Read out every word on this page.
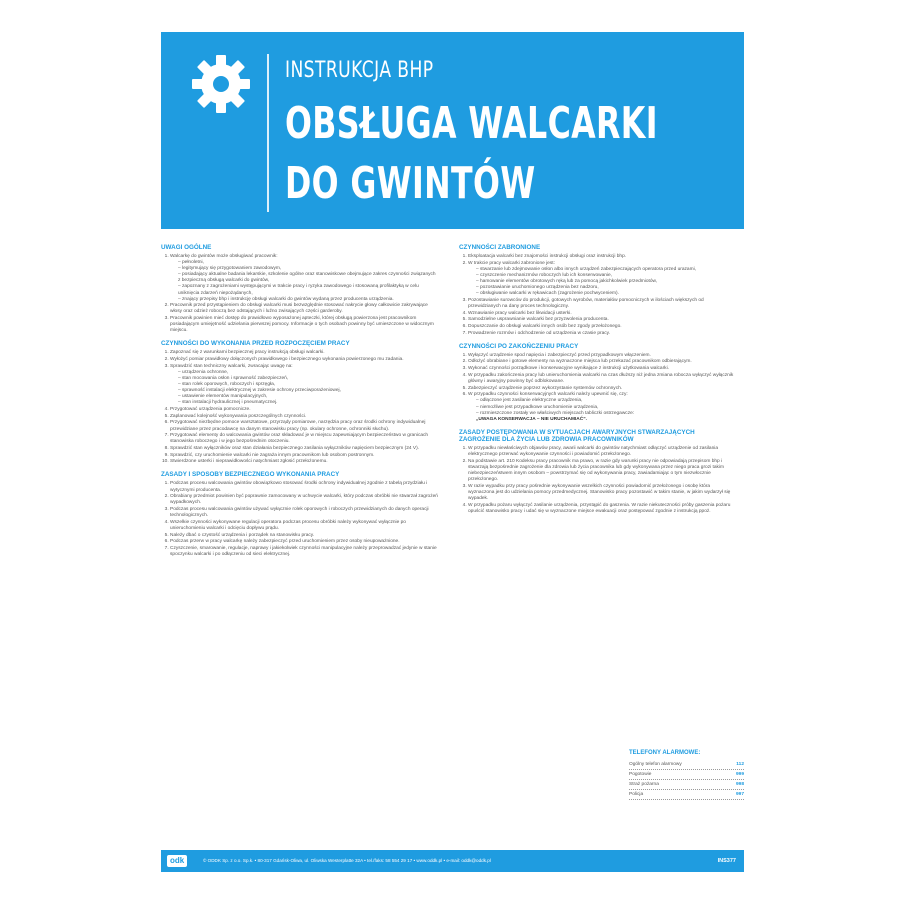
INSTRUKCJA BHP
OBSŁUGA WALCARKI
DO GWINTÓW
UWAGI OGÓLNE
1. Walcarkę do gwintów może obsługiwać pracownik:
– pełnoletni,
– legitymujący się przygotowaniem zawodowym,
– posiadający aktualne badania lekarskie, szkolenie ogólne oraz stanowiskowe obejmujące zakres czynności związanych z bezpieczną obsługą walcarki do gwintów,
– zapoznany z zagrożeniami występującymi w trakcie pracy i ryzyka zawodowego i stosowaną profilaktyką w celu uniknięcia zdarzeń niepożądanych,
– znający przepisy bhp i instrukcję obsługi walcarki do gwintów wydaną przez producenta urządzenia.
2. Pracownik przed przystąpieniem do obsługi walcarki musi bezwzględnie stosować nakrycie głowy całkowicie zakrywające włosy oraz odzież roboczą bez odstających i luźno zwisających części garderoby.
3. Pracownik powinien mieć dostęp do prawidłowo wyposażonej apteczki, której obsługą powierzona jest pracownikom posiadającym umiejętność udzielania pierwszej pomocy. Informacje o tych osobach powinny być umieszczone w widocznym miejscu.
CZYNNOŚCI DO WYKONANIA PRZED ROZPOCZĘCIEM PRACY
1. Zapoznać się z warunkami bezpiecznej pracy instrukcją obsługi walcarki.
2. Wyłożyć pomiar prawidłowy dołączonych prawidłowego i bezpiecznego wykonania powierzonego mu zadania.
3. Sprawdzić stan techniczny walcarki, zwracając uwagę na:
– urządzenia ochronne,
– stan mocowania osłon i sprawność zabezpieczeń,
– stan rolek oporowych, roboczych i sprzęgła,
– sprawność instalacji elektrycznej w zakresie ochrony przeciwporażeniowej,
– ustawienie elementów manipulacyjnych,
– stan instalacji hydraulicznej i pneumatycznej.
4. Przygotować urządzenia pomocnicze.
5. Zaplanować kolejność wykonywania poszczególnych czynności.
6. Przygotować niezbędne pomoce warsztatowe, przyrządy pomiarowe, narzędzia pracy oraz środki ochrony indywidualnej przewidziane przez pracodawcę na danym stanowisku pracy (np. okulary ochronne, ochronniki słuchu).
7. Przygotować elementy do walcowania gwintów oraz składować je w miejscu zapewniającym bezpieczeństwo w granicach stanowiska roboczego i w jego bezpośrednim otoczeniu.
8. Sprawdzić stan wyłączników oraz stan działania bezpiecznego zasilania wyłączników napięciem bezpiecznym (24 V).
9. Sprawdzić, czy uruchomienie walcarki nie zagraża innym pracownikom lub osobom postronnym.
10. Stwierdzone usterki i nieprawidłowości natychmiast zgłosić przełożonemu.
ZASADY I SPOSOBY BEZPIECZNEGO WYKONANIA PRACY
1. Podczas procesu walcowania gwintów obowiązkowo stosować środki ochrony indywidualnej zgodnie z tabelą przydziału i wytycznymi producenta.
2. Obrabiany przedmiot powinien być poprawnie zamocowany w uchwycie walcarki, który podczas obróbki nie stwarzał zagrożeń wypadkowych.
3. Podczas procesu walcowania gwintów używać wyłącznie rolek oporowych i roboczych przewidzianych do danych operacji technologicznych.
4. Wszelkie czynności wykonywane regulacji operatora podczas procesu obróbki należy wykonywać wyłącznie po unieruchomieniu walcarki i odcięciu dopływu prądu.
5. Należy dbać o czystość urządzenia i porządek na stanowisku pracy.
6. Podczas przerw w pracy walcarkę należy zabezpieczyć przed uruchomieniem przez osoby nieupoważnione.
7. Czyszczenie, smarowanie, regulacje, naprawy i jakiekolwiek czynności manipulacyjne należy przeprowadzać jedynie w stanie spoczynku walcarki i po odłączeniu od sieci elektrycznej.
CZYNNOŚCI ZABRONIONE
1. Eksploatacja walcarki bez znajomości instrukcji obsługi oraz instrukcji bhp.
2. W trakcie pracy walcarki zabronione jest:
– stwarzanie lub zdejmowanie osłon albo innych urządzeń zabezpieczających operatora przed urazami,
– czyszczenie mechanizmów roboczych lub ich konserwowanie,
– hamowanie elementów obrotowych ręką lub za pomocą jakichkolwiek przedmiotów,
– pozostawianie uruchomionego urządzenia bez nadzoru,
– obsługiwanie walcarki w rękawicach (zagrożenie pochwyceniem).
3. Pozostawianie surowców do produkcji, gotowych wyrobów, materiałów pomocniczych w ilościach większych od przewidzianych na dany proces technologiczny.
4. Wznawianie pracy walcarki bez likwidacji usterki.
5. Samodzielne usprawnianie walcarki bez przyzwolenia producenta.
6. Dopuszczanie do obsługi walcarki innych osób bez zgody przełożonego.
7. Prowadzenie rozmów i odchodzenie od urządzenia w czasie pracy.
CZYNNOŚCI PO ZAKOŃCZENIU PRACY
1. Wyłączyć urządzenie spod napięcia i zabezpieczyć przed przypadkowym włączeniem.
2. Odłożyć obrabiane i gotowe elementy na wyznaczone miejsca lub przekazać pracownikom odbierającym.
3. Wykonać czynności porządkowe i konserwacyjne wynikające z instrukcji użytkowania walcarki.
4. W przypadku zakończenia pracy lub unieruchomienia walcarki na czas dłuższy niż jedna zmiana robocza wyłączyć wyłącznik główny i awaryjny powinny być odblokowane.
5. Zabezpieczyć urządzenie poprzez wykorzystanie systemów ochronnych.
6. W przypadku czynności konserwacyjnych walcarki należy upewnić się, czy:
– odłączone jest zasilanie elektryczne urządzenia,
– niemożliwe jest przypadkowe uruchomienie urządzenia,
– rozmieszczone zostały we właściwych miejscach tabliczki ostrzegawcze:
„UWAGA KONSERWACJA – NIE URUCHAMIAĆ”.
ZASADY POSTĘPOWANIA W SYTUACJACH AWARYJNYCH STWARZAJĄCYCH ZAGROŻENIE DLA ŻYCIA LUB ZDROWIA PRACOWNIKÓW
1. W przypadku niewłaściwych objawów pracy, awarii walcarki do gwintów natychmiast odłączyć urządzenie od zasilania elektrycznego przerwać wykonywanie czynności i powiadomić przełożonego.
2. Na podstawie art. 210 Kodeksu pracy pracownik ma prawo, w razie gdy warunki pracy nie odpowiadają przepisom bhp i stwarzają bezpośrednie zagrożenie dla zdrowia lub życia pracownika lub gdy wykonywana przez niego praca grozi takim niebezpieczeństwem innym osobom – powstrzymać się od wykonywania pracy, zawiadamiając o tym niezwłocznie przełożonego.
3. W razie wypadku przy pracy pośrednie wykonywanie wszelkich czynności powiadomić przełożonego i osobę która wyznaczona jest do udzielania pomocy przedmedycznej. Stanowisko pracy pozostawić w takim stanie, w jakim wydarzył się wypadek.
4. W przypadku pożaru wyłączyć zasilanie urządzenia, przystąpić do gaszenia. W razie niekuteczności próby gaszenia pożaru opuścić stanowisko pracy i udać się w wyznaczone miejsce ewakuacji oraz postępować zgodnie z instrukcją ppoż.
TELEFONY ALARMOWE:
Ogólny telefon alarmowy	112
Pogotowie	999
Straż pożarna	998
Policja	997
odk	© ODDK Sp. z o.o. Sp.k. • 80-317 Gdańsk-Oliwa, ul. Oliwska Westerplatte 32A • tel./faks: 58 554 29 17 • www.oddk.pl • e-mail: oddk@oddk.pl	INS377
